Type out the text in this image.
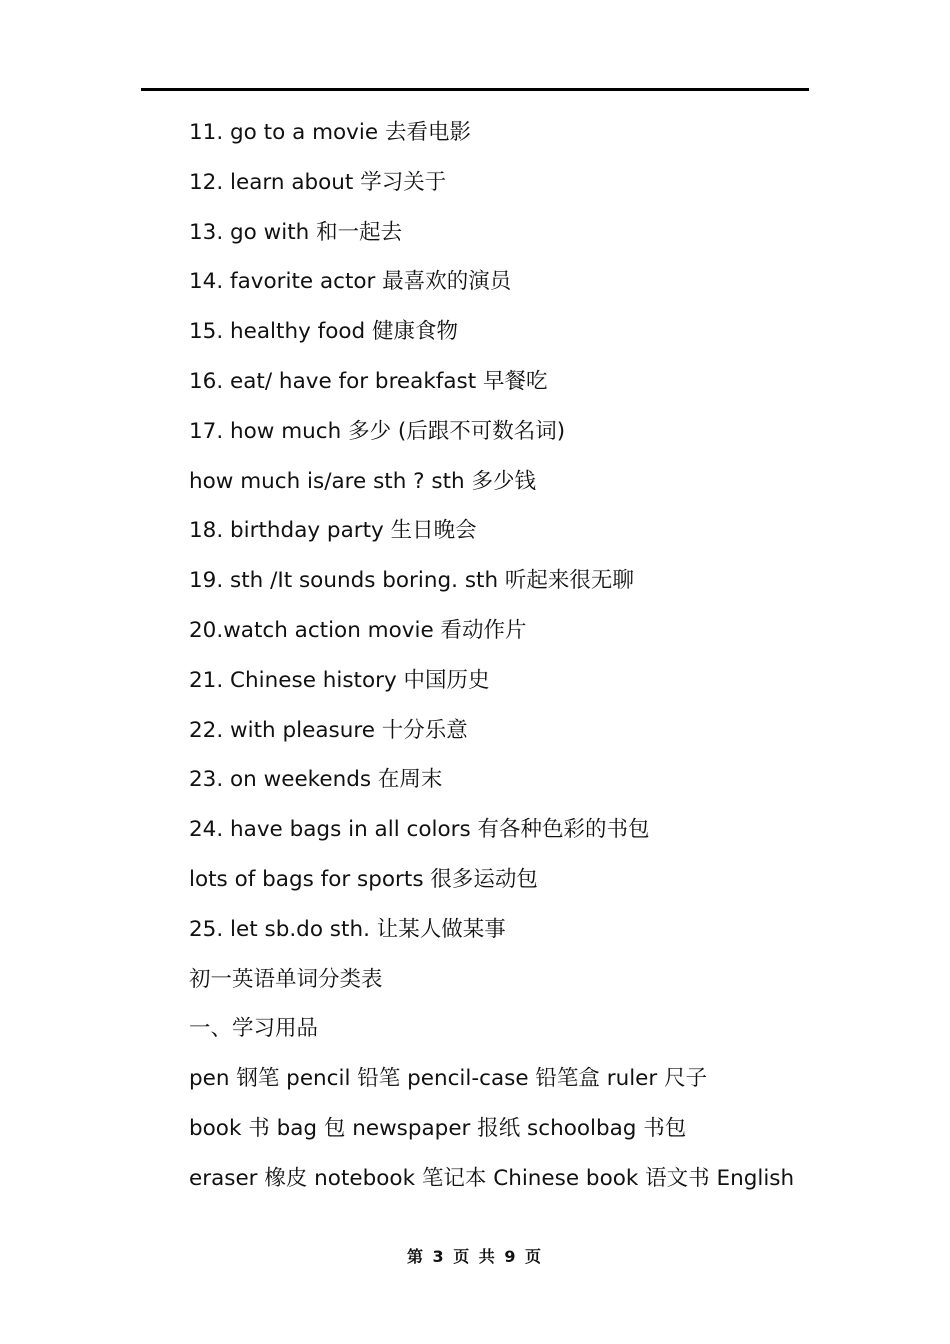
11. go to a movie 去看电影
12. learn about 学习关于
13. go with 和一起去
14. favorite actor 最喜欢的演员
15. healthy food 健康食物
16. eat/ have for breakfast 早餐吃
17. how much 多少 (后跟不可数名词)
how much is/are sth ? sth 多少钱
18. birthday party 生日晚会
19. sth /It sounds boring. sth 听起来很无聊
20.watch action movie 看动作片
21. Chinese history 中国历史
22. with pleasure 十分乐意
23. on weekends 在周末
24. have bags in all colors 有各种色彩的书包
lots of bags for sports 很多运动包
25. let sb.do sth. 让某人做某事
初一英语单词分类表
一、学习用品
pen 钢笔 pencil 铅笔 pencil-case 铅笔盒 ruler 尺子
book 书 bag 包 newspaper 报纸 schoolbag 书包
eraser 橡皮 notebook 笔记本 Chinese book 语文书 English
第 3 页 共 9 页
